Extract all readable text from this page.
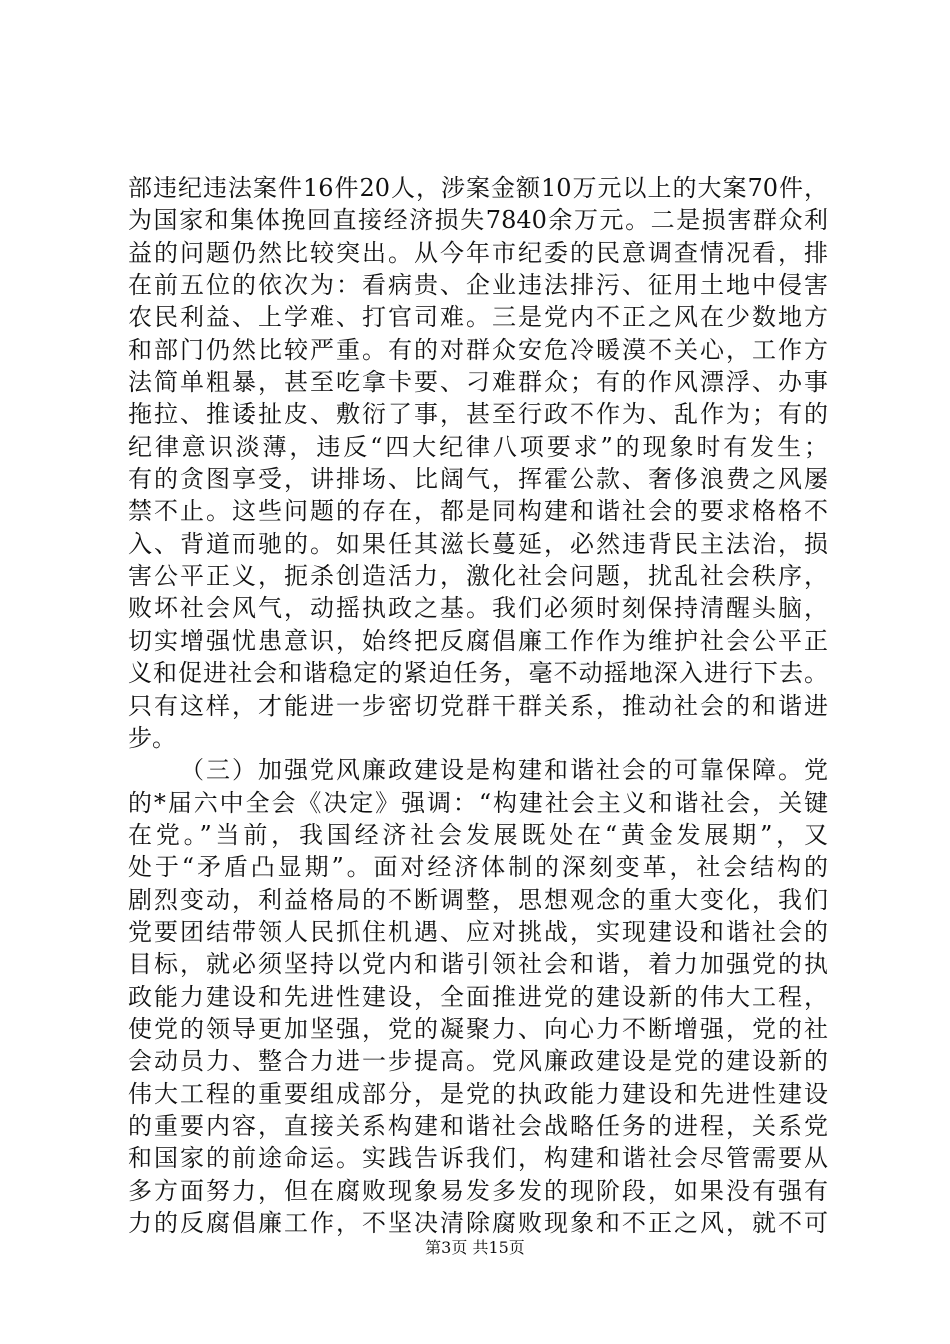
部违纪违法案件16件20人，涉案金额10万元以上的大案70件，
为国家和集体挽回直接经济损失7840余万元。二是损害群众利
益的问题仍然比较突出。从今年市纪委的民意调查情况看，排
在前五位的依次为：看病贵、企业违法排污、征用土地中侵害
农民利益、上学难、打官司难。三是党内不正之风在少数地方
和部门仍然比较严重。有的对群众安危冷暖漠不关心，工作方
法简单粗暴，甚至吃拿卡要、刁难群众；有的作风漂浮、办事
拖拉、推诿扯皮、敷衍了事，甚至行政不作为、乱作为；有的
纪律意识淡薄，违反“四大纪律八项要求”的现象时有发生；
有的贪图享受，讲排场、比阔气，挥霍公款、奢侈浪费之风屡
禁不止。这些问题的存在，都是同构建和谐社会的要求格格不
入、背道而驰的。如果任其滋长蔓延，必然违背民主法治，损
害公平正义，扼杀创造活力，激化社会问题，扰乱社会秩序，
败坏社会风气，动摇执政之基。我们必须时刻保持清醒头脑，
切实增强忧患意识，始终把反腐倡廉工作作为维护社会公平正
义和促进社会和谐稳定的紧迫任务，毫不动摇地深入进行下去。
只有这样，才能进一步密切党群干群关系，推动社会的和谐进
步。
（三）加强党风廉政建设是构建和谐社会的可靠保障。党
的*届六中全会《决定》强调：“构建社会主义和谐社会，关键
在党。”当前，我国经济社会发展既处在“黄金发展期”，又
处于“矛盾凸显期”。面对经济体制的深刻变革，社会结构的
剧烈变动，利益格局的不断调整，思想观念的重大变化，我们
党要团结带领人民抓住机遇、应对挑战，实现建设和谐社会的
目标，就必须坚持以党内和谐引领社会和谐，着力加强党的执
政能力建设和先进性建设，全面推进党的建设新的伟大工程，
使党的领导更加坚强，党的凝聚力、向心力不断增强，党的社
会动员力、整合力进一步提高。党风廉政建设是党的建设新的
伟大工程的重要组成部分，是党的执政能力建设和先进性建设
的重要内容，直接关系构建和谐社会战略任务的进程，关系党
和国家的前途命运。实践告诉我们，构建和谐社会尽管需要从
多方面努力，但在腐败现象易发多发的现阶段，如果没有强有
力的反腐倡廉工作，不坚决清除腐败现象和不正之风，就不可
第3页 共15页
